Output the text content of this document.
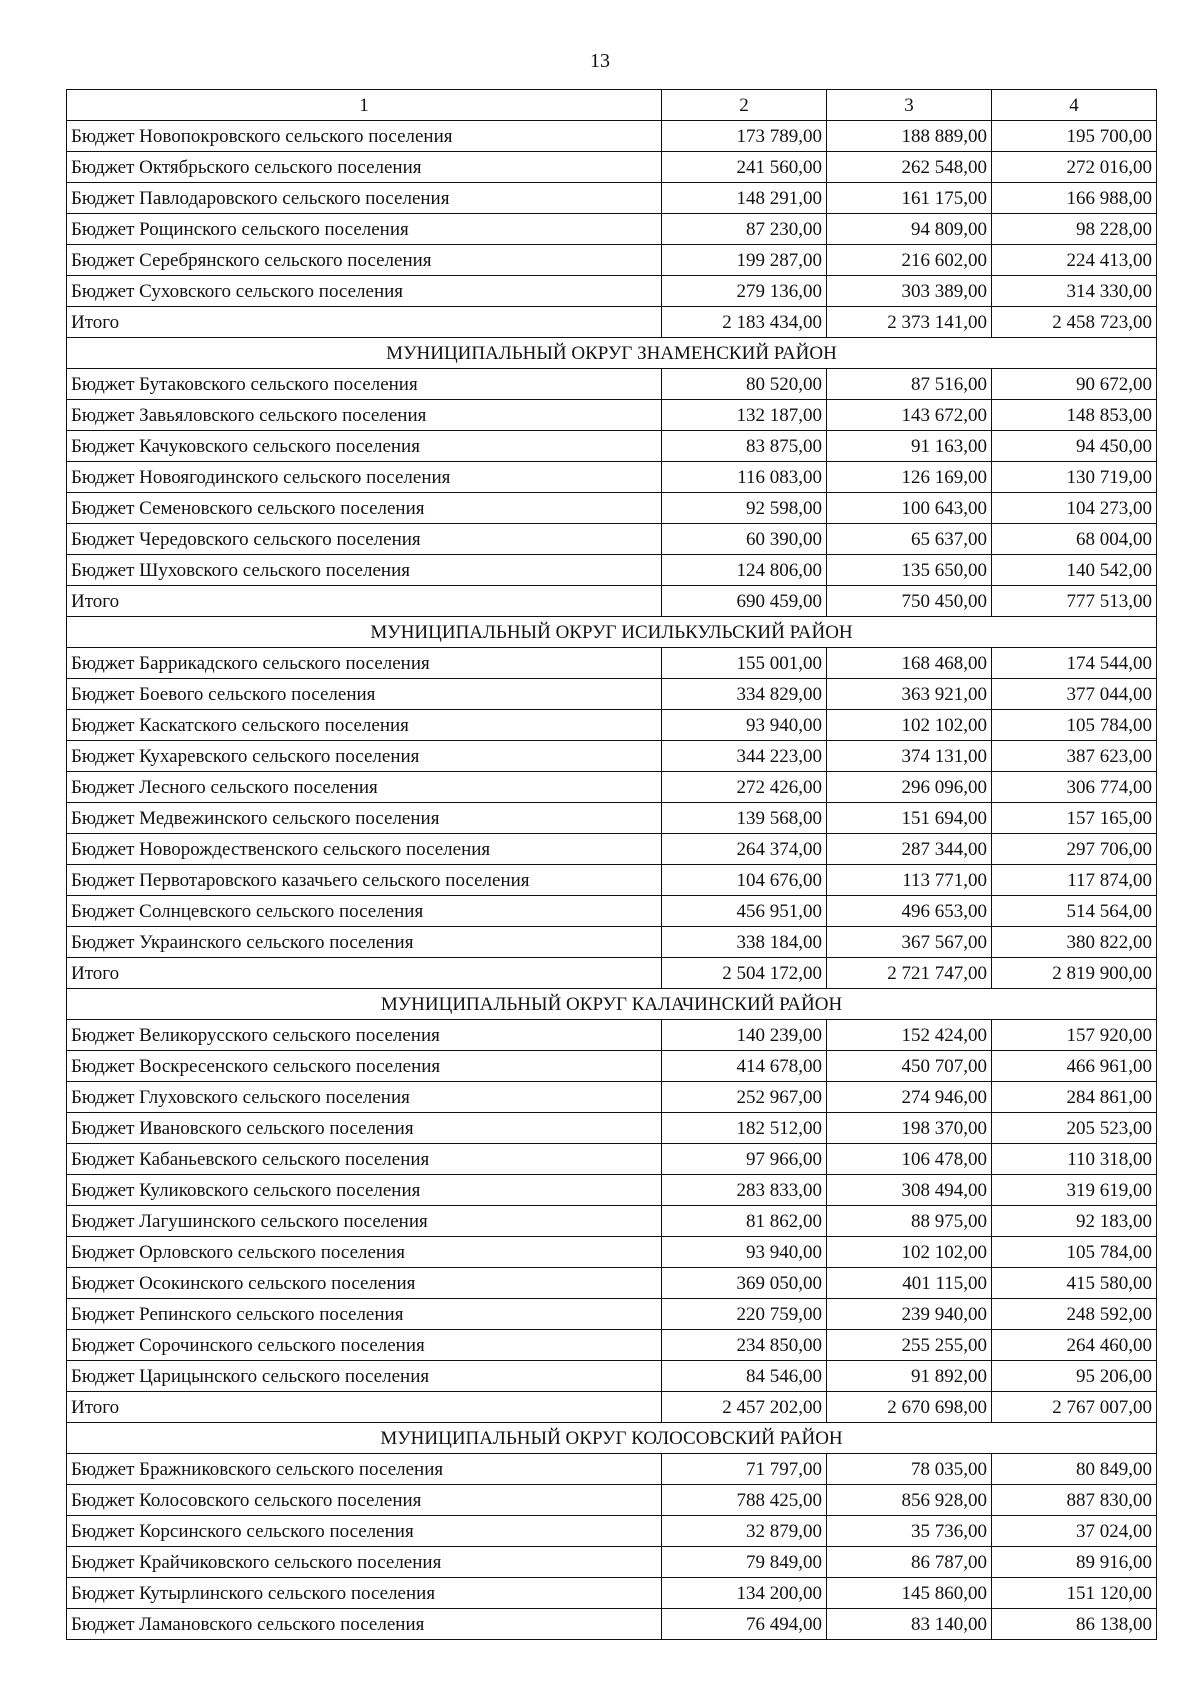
13
1	2	3	4
Бюджет Новопокровского сельского поселения	173 789,00	188 889,00	195 700,00
Бюджет Октябрьского сельского поселения	241 560,00	262 548,00	272 016,00
Бюджет Павлодаровского сельского поселения	148 291,00	161 175,00	166 988,00
Бюджет Рощинского сельского поселения	87 230,00	94 809,00	98 228,00
Бюджет Серебрянского сельского поселения	199 287,00	216 602,00	224 413,00
Бюджет Суховского сельского поселения	279 136,00	303 389,00	314 330,00
Итого	2 183 434,00	2 373 141,00	2 458 723,00
МУНИЦИПАЛЬНЫЙ ОКРУГ ЗНАМЕНСКИЙ РАЙОН			
Бюджет Бутаковского сельского поселения	80 520,00	87 516,00	90 672,00
Бюджет Завьяловского сельского поселения	132 187,00	143 672,00	148 853,00
Бюджет Качуковского сельского поселения	83 875,00	91 163,00	94 450,00
Бюджет Новоягодинского сельского поселения	116 083,00	126 169,00	130 719,00
Бюджет Семеновского сельского поселения	92 598,00	100 643,00	104 273,00
Бюджет Чередовского сельского поселения	60 390,00	65 637,00	68 004,00
Бюджет Шуховского сельского поселения	124 806,00	135 650,00	140 542,00
Итого	690 459,00	750 450,00	777 513,00
МУНИЦИПАЛЬНЫЙ ОКРУГ ИСИЛЬКУЛЬСКИЙ РАЙОН			
Бюджет Баррикадского сельского поселения	155 001,00	168 468,00	174 544,00
Бюджет Боевого сельского поселения	334 829,00	363 921,00	377 044,00
Бюджет Каскатского сельского поселения	93 940,00	102 102,00	105 784,00
Бюджет Кухаревского сельского поселения	344 223,00	374 131,00	387 623,00
Бюджет Лесного сельского поселения	272 426,00	296 096,00	306 774,00
Бюджет Медвежинского сельского поселения	139 568,00	151 694,00	157 165,00
Бюджет Новорождественского сельского поселения	264 374,00	287 344,00	297 706,00
Бюджет Первотаровского казачьего сельского поселения	104 676,00	113 771,00	117 874,00
Бюджет Солнцевского сельского поселения	456 951,00	496 653,00	514 564,00
Бюджет Украинского сельского поселения	338 184,00	367 567,00	380 822,00
Итого	2 504 172,00	2 721 747,00	2 819 900,00
МУНИЦИПАЛЬНЫЙ ОКРУГ КАЛАЧИНСКИЙ РАЙОН			
Бюджет Великорусского сельского поселения	140 239,00	152 424,00	157 920,00
Бюджет Воскресенского сельского поселения	414 678,00	450 707,00	466 961,00
Бюджет Глуховского сельского поселения	252 967,00	274 946,00	284 861,00
Бюджет Ивановского сельского поселения	182 512,00	198 370,00	205 523,00
Бюджет Кабаньевского сельского поселения	97 966,00	106 478,00	110 318,00
Бюджет Куликовского сельского поселения	283 833,00	308 494,00	319 619,00
Бюджет Лагушинского сельского поселения	81 862,00	88 975,00	92 183,00
Бюджет Орловского сельского поселения	93 940,00	102 102,00	105 784,00
Бюджет Осокинского сельского поселения	369 050,00	401 115,00	415 580,00
Бюджет Репинского сельского поселения	220 759,00	239 940,00	248 592,00
Бюджет Сорочинского сельского поселения	234 850,00	255 255,00	264 460,00
Бюджет Царицынского сельского поселения	84 546,00	91 892,00	95 206,00
Итого	2 457 202,00	2 670 698,00	2 767 007,00
МУНИЦИПАЛЬНЫЙ ОКРУГ КОЛОСОВСКИЙ РАЙОН			
Бюджет Бражниковского сельского поселения	71 797,00	78 035,00	80 849,00
Бюджет Колосовского сельского поселения	788 425,00	856 928,00	887 830,00
Бюджет Корсинского сельского поселения	32 879,00	35 736,00	37 024,00
Бюджет Крайчиковского сельского поселения	79 849,00	86 787,00	89 916,00
Бюджет Кутырлинского сельского поселения	134 200,00	145 860,00	151 120,00
Бюджет Ламановского сельского поселения	76 494,00	83 140,00	86 138,00
